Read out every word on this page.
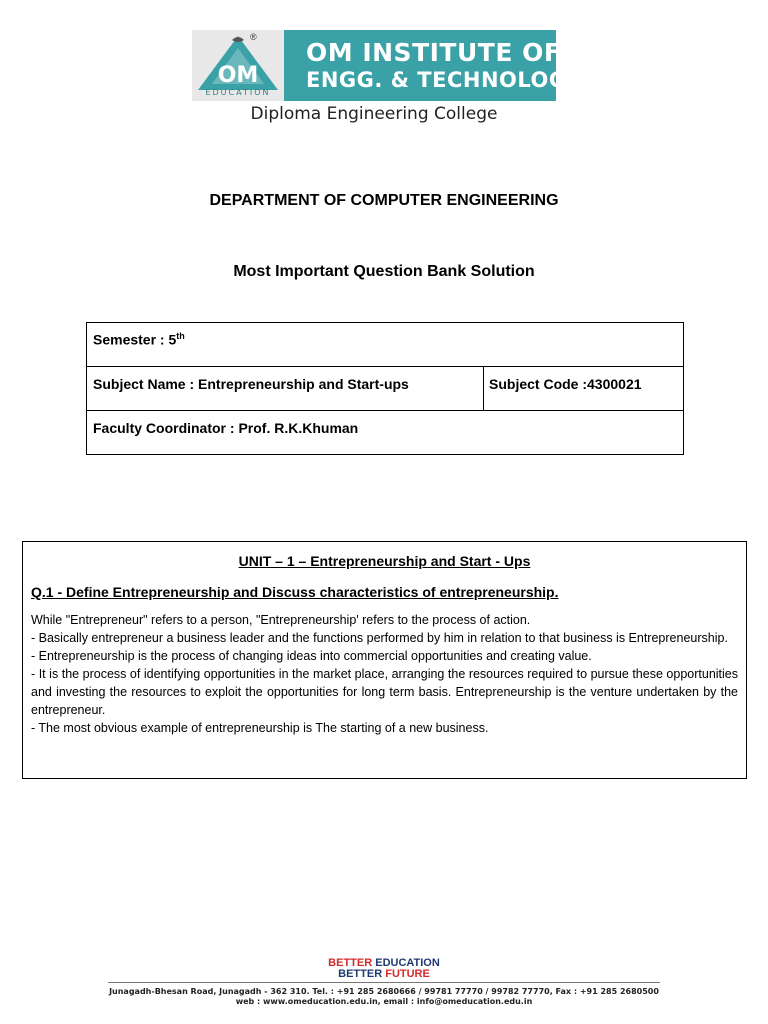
OM
®
EDUCATION
OM INSTITUTE OF
ENGG. & TECHNOLOGY
Diploma Engineering College
DEPARTMENT OF COMPUTER ENGINEERING
Most Important Question Bank Solution
Semester : 5th
Subject Name : Entrepreneurship and Start-ups	Subject Code :4300021
Faculty Coordinator : Prof. R.K.Khuman
UNIT – 1 – Entrepreneurship and Start - Ups
Q.1 - Define Entrepreneurship and Discuss characteristics of entrepreneurship.

While "Entrepreneur" refers to a person, "Entrepreneurship' refers to the process of action.

- Basically entrepreneur a business leader and the functions performed by him in relation to that business is Entrepreneurship.

- Entrepreneurship is the process of changing ideas into commercial opportunities and creating value.

- It is the process of identifying opportunities in the market place, arranging the resources required to pursue these opportunities and investing the resources to exploit the opportunities for long term basis. Entrepreneurship is the venture undertaken by the entrepreneur.

- The most obvious example of entrepreneurship is The starting of a new business.

BETTER EDUCATION
BETTER FUTURE
Junagadh-Bhesan Road, Junagadh - 362 310. Tel. : +91 285 2680666 / 99781 77770 / 99782 77770, Fax : +91 285 2680500
web : www.omeducation.edu.in, email : info@omeducation.edu.in
